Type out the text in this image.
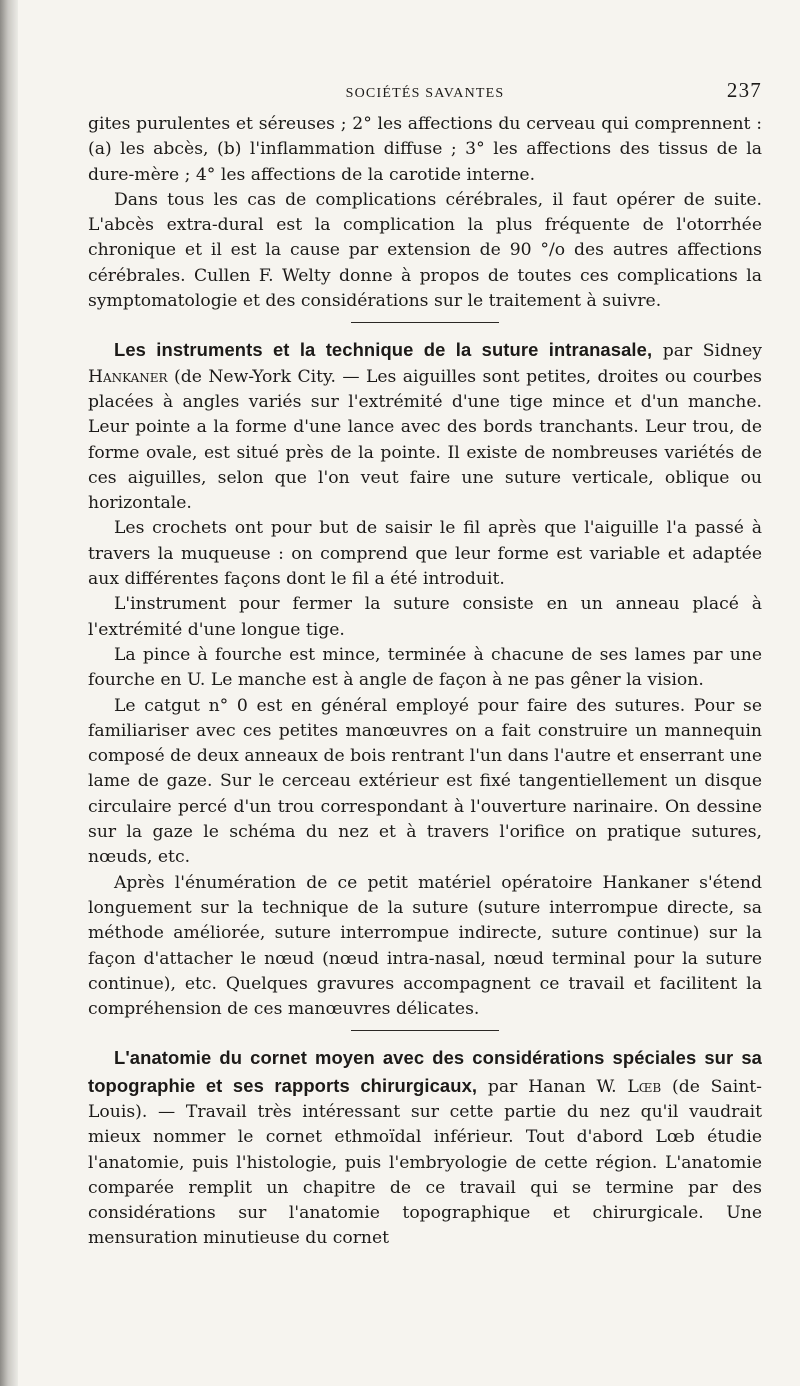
SOCIÉTÉS SAVANTES	237

gites purulentes et séreuses ; 2° les affections du cerveau qui comprennent : (a) les abcès, (b) l'inflammation diffuse ; 3° les affections des tissus de la dure-mère ; 4° les affections de la carotide interne.

Dans tous les cas de complications cérébrales, il faut opérer de suite. L'abcès extra-dural est la complication la plus fréquente de l'otorrhée chronique et il est la cause par extension de 90 °/o des autres affections cérébrales. Cullen F. Welty donne à propos de toutes ces complications la symptomatologie et des considérations sur le traitement à suivre.

Les instruments et la technique de la suture intranasale, par Sidney Hankaner (de New-York City. — Les aiguilles sont petites, droites ou courbes placées à angles variés sur l'extrémité d'une tige mince et d'un manche. Leur pointe a la forme d'une lance avec des bords tranchants. Leur trou, de forme ovale, est situé près de la pointe. Il existe de nombreuses variétés de ces aiguilles, selon que l'on veut faire une suture verticale, oblique ou horizontale.

Les crochets ont pour but de saisir le fil après que l'aiguille l'a passé à travers la muqueuse : on comprend que leur forme est variable et adaptée aux différentes façons dont le fil a été introduit.

L'instrument pour fermer la suture consiste en un anneau placé à l'extrémité d'une longue tige.

La pince à fourche est mince, terminée à chacune de ses lames par une fourche en U. Le manche est à angle de façon à ne pas gêner la vision.

Le catgut n° 0 est en général employé pour faire des sutures. Pour se familiariser avec ces petites manœuvres on a fait construire un mannequin composé de deux anneaux de bois rentrant l'un dans l'autre et enserrant une lame de gaze. Sur le cerceau extérieur est fixé tangentiellement un disque circulaire percé d'un trou correspondant à l'ouverture narinaire. On dessine sur la gaze le schéma du nez et à travers l'orifice on pratique sutures, nœuds, etc.

Après l'énumération de ce petit matériel opératoire Hankaner s'étend longuement sur la technique de la suture (suture interrompue directe, sa méthode améliorée, suture interrompue indirecte, suture continue) sur la façon d'attacher le nœud (nœud intra-nasal, nœud terminal pour la suture continue), etc. Quelques gravures accompagnent ce travail et facilitent la compréhension de ces manœuvres délicates.

L'anatomie du cornet moyen avec des considérations spéciales sur sa topographie et ses rapports chirurgicaux, par Hanan W. Lœb (de Saint-Louis). — Travail très intéressant sur cette partie du nez qu'il vaudrait mieux nommer le cornet ethmoïdal inférieur. Tout d'abord Lœb étudie l'anatomie, puis l'histologie, puis l'embryologie de cette région. L'anatomie comparée remplit un chapitre de ce travail qui se termine par des considérations sur l'anatomie topographique et chirurgicale. Une mensuration minutieuse du cornet
